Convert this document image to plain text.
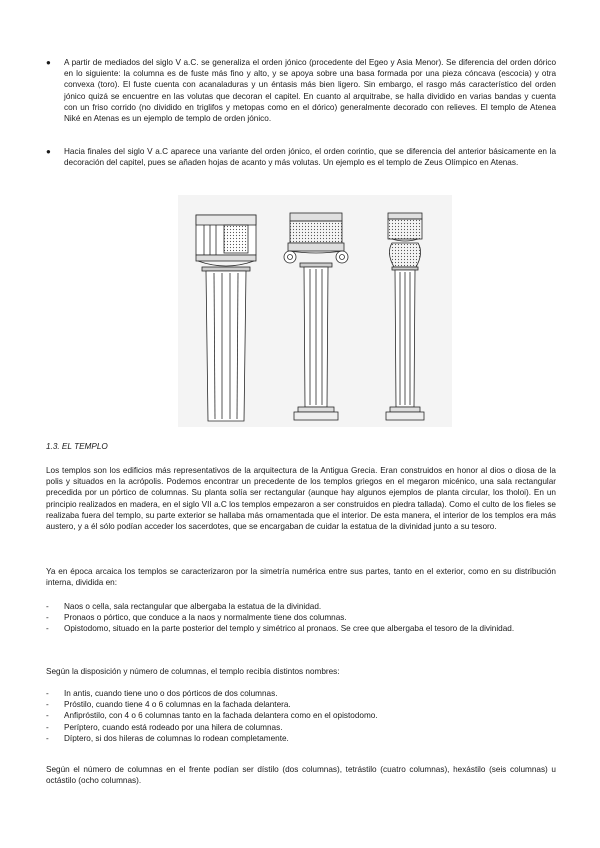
●	A partir de mediados del siglo V a.C. se generaliza el orden jónico (procedente del Egeo y Asia Menor). Se diferencia del orden dórico en lo siguiente: la columna es de fuste más fino y alto, y se apoya sobre una basa formada por una pieza cóncava (escocia) y otra convexa (toro). El fuste cuenta con acanaladuras y un éntasis más bien ligero. Sin embargo, el rasgo más característico del orden jónico quizá se encuentre en las volutas que decoran el capitel. En cuanto al arquitrabe, se halla dividido en varias bandas y cuenta con un friso corrido (no dividido en triglifos y metopas como en el dórico) generalmente decorado con relieves. El templo de Atenea Niké en Atenas es un ejemplo de templo de orden jónico.
●	Hacia finales del siglo V a.C aparece una variante del orden jónico, el orden corintio, que se diferencia del anterior básicamente en la decoración del capitel, pues se añaden hojas de acanto y más volutas. Un ejemplo es el templo de Zeus Olímpico en Atenas.
1.3. EL TEMPLO
Los templos son los edificios más representativos de la arquitectura de la Antigua Grecia. Eran construidos en honor al dios o diosa de la polis y situados en la acrópolis. Podemos encontrar un precedente de los templos griegos en el megaron micénico, una sala rectangular precedida por un pórtico de columnas. Su planta solía ser rectangular (aunque hay algunos ejemplos de planta circular, los tholoi). En un principio realizados en madera, en el siglo VII a.C los templos empezaron a ser construidos en piedra tallada). Como el culto de los fieles se realizaba fuera del templo, su parte exterior se hallaba más ornamentada que el interior. De esta manera, el interior de los templos era más austero, y a él sólo podían acceder los sacerdotes, que se encargaban de cuidar la estatua de la divinidad junto a su tesoro.
Ya en época arcaica los templos se caracterizaron por la simetría numérica entre sus partes, tanto en el exterior, como en su distribución interna, dividida en:
- Naos o cella, sala rectangular que albergaba la estatua de la divinidad.
- Pronaos o pórtico, que conduce a la naos y normalmente tiene dos columnas.
- Opistodomo, situado en la parte posterior del templo y simétrico al pronaos. Se cree que albergaba el tesoro de la divinidad.
Según la disposición y número de columnas, el templo recibía distintos nombres:
- In antis, cuando tiene uno o dos pórticos de dos columnas.
- Próstilo, cuando tiene 4 o 6 columnas en la fachada delantera.
- Anfipróstilo, con 4 o 6 columnas tanto en la fachada delantera como en el opistodomo.
- Períptero, cuando está rodeado por una hilera de columnas.
- Díptero, si dos hileras de columnas lo rodean completamente.
Según el número de columnas en el frente podían ser dístilo (dos columnas), tetrástilo (cuatro columnas), hexástilo (seis columnas) u octástilo (ocho columnas).
